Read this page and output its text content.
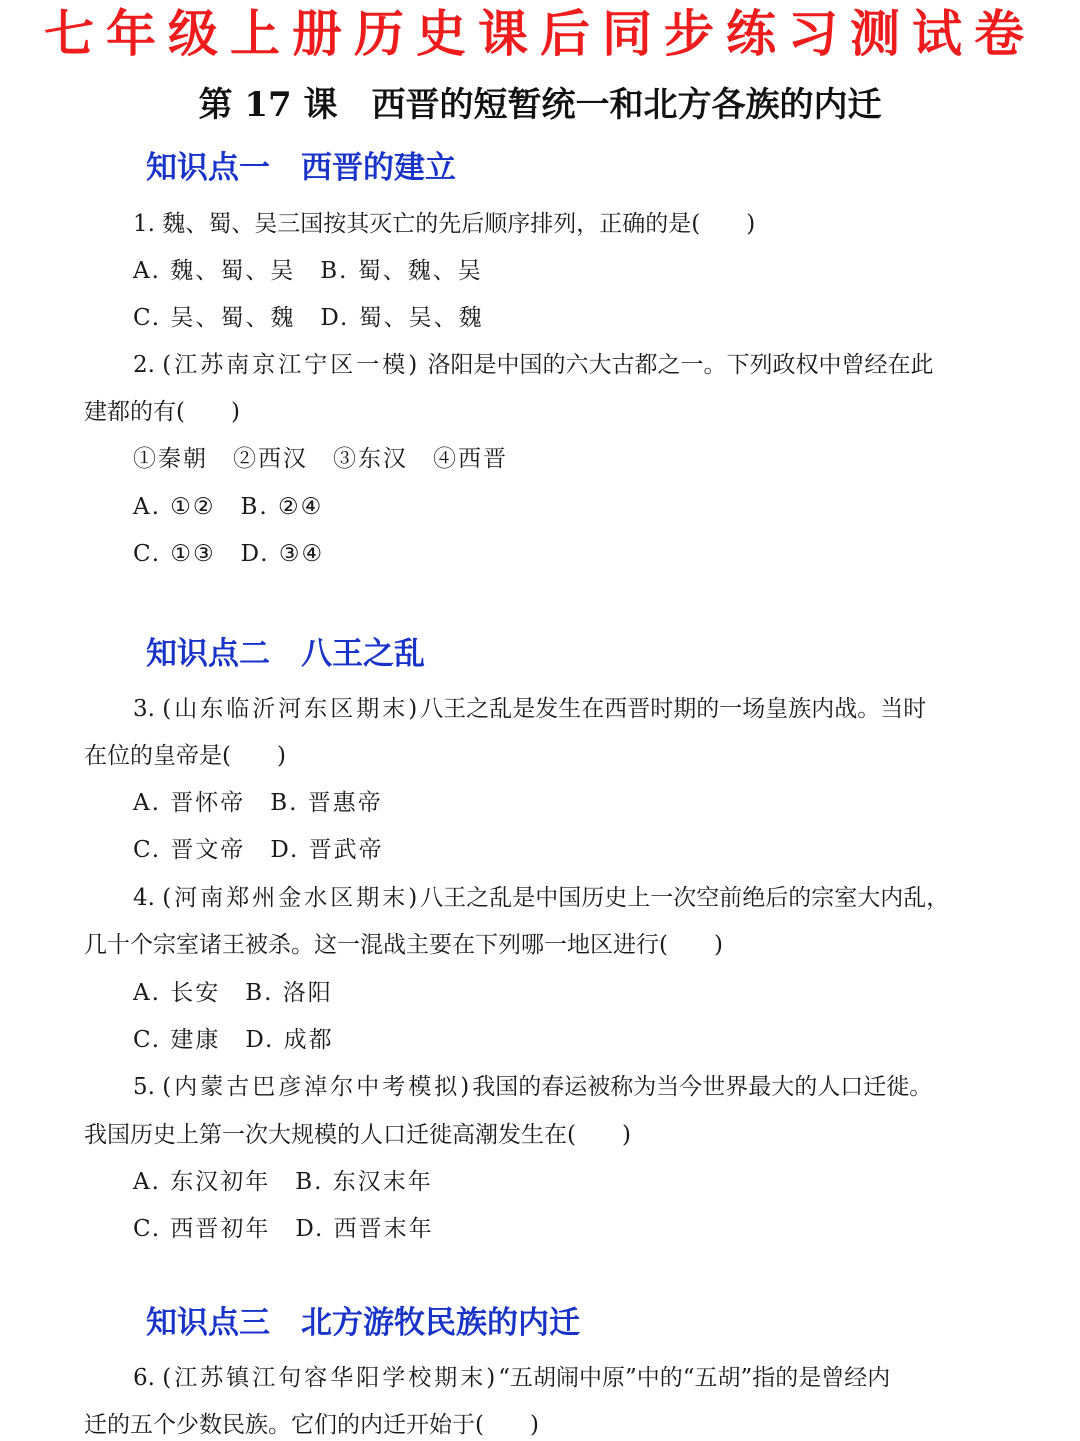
七年级上册历史课后同步练习测试卷
第 17 课　西晋的短暂统一和北方各族的内迁
知识点一　西晋的建立
1. 魏、蜀、吴三国按其灭亡的先后顺序排列，正确的是(　　)
A. 魏、蜀、吴　B. 蜀、魏、吴
C. 吴、蜀、魏　D. 蜀、吴、魏
2. (江苏南京江宁区一模) 洛阳是中国的六大古都之一。下列政权中曾经在此
建都的有(　　)
①秦朝　②西汉　③东汉　④西晋
A. ①②　B. ②④
C. ①③　D. ③④
知识点二　八王之乱
3. (山东临沂河东区期末)八王之乱是发生在西晋时期的一场皇族内战。当时
在位的皇帝是(　　)
A. 晋怀帝　B. 晋惠帝
C. 晋文帝　D. 晋武帝
4. (河南郑州金水区期末)八王之乱是中国历史上一次空前绝后的宗室大内乱，
几十个宗室诸王被杀。这一混战主要在下列哪一地区进行(　　)
A. 长安　B. 洛阳
C. 建康　D. 成都
5. (内蒙古巴彦淖尔中考模拟)我国的春运被称为当今世界最大的人口迁徙。
我国历史上第一次大规模的人口迁徙高潮发生在(　　)
A. 东汉初年　B. 东汉末年
C. 西晋初年　D. 西晋末年
知识点三　北方游牧民族的内迁
6. (江苏镇江句容华阳学校期末)“五胡闹中原”中的“五胡”指的是曾经内
迁的五个少数民族。它们的内迁开始于(　　)
